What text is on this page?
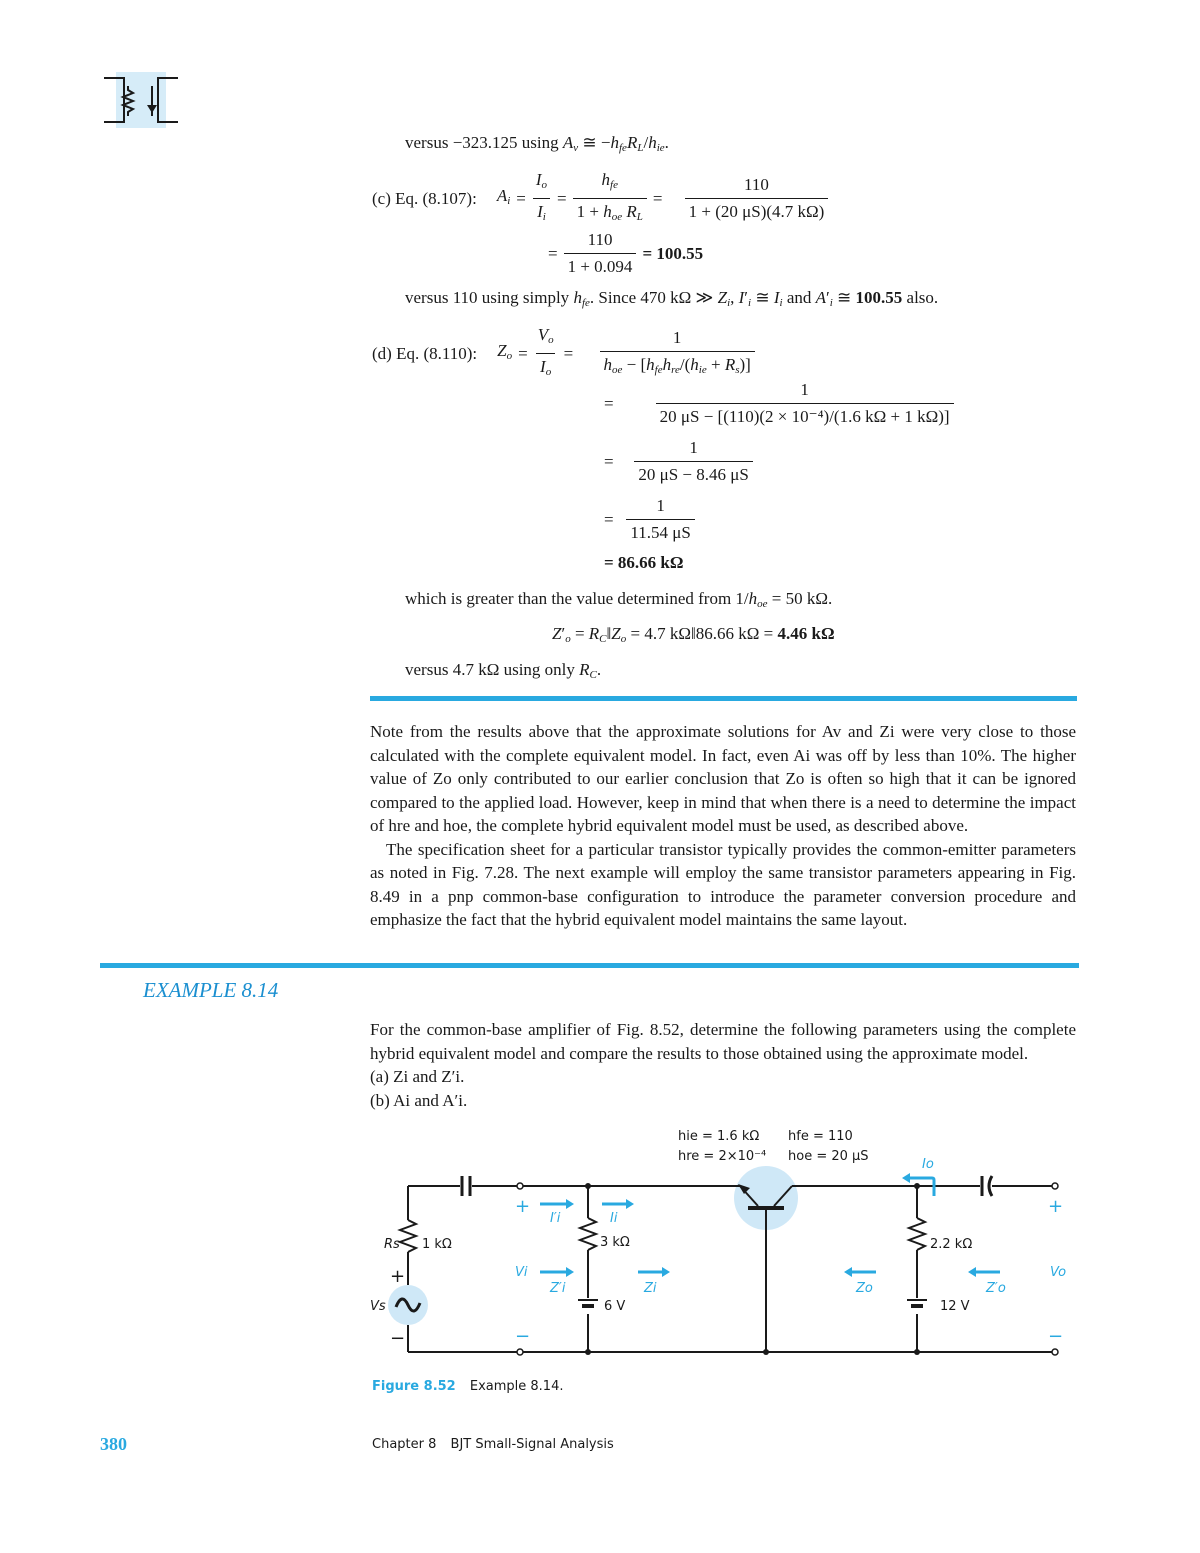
versus −323.125 using $A_v$ ≅ $-h_{fe}R_L/h_{ie}$.
(c) Eq. (8.107): $A_i = \frac{I_o}{I_i} = \frac{h_{fe}}{1 + h_{oe} R_L} = \frac{110}{1 + (20 \mu S)(4.7 k\Omega)}$
= $\frac{110}{1 + 0.094} = 100.55$
versus 110 using simply $h_{fe}$. Since 470 kΩ ≫ $Z_i$, $I'_i$ ≅ $I_i$ and $A'_i$ ≅ 100.55 also.
(d) Eq. (8.110): $Z_o = \frac{V_o}{I_o} = \frac{1}{h_{oe} - [h_{fe}h_{re}/(h_{ie} + R_s)]}$
= $\frac{1}{\text{20 μS − [(110)(2 × 10⁻⁴)/(1.6 kΩ + 1 kΩ)]}}$
= $\frac{1}{20 \mu S - 8.46 \mu S}$
= $\frac{1}{11.54 \mu S}$
= 86.66 kΩ
which is greater than the value determined from $1/h_{oe} = 50$ kΩ.
$Z'_o$ = $R_C‖Z_o = 4.7$ kΩ‖86.66 kΩ = 4.46 kΩ
versus 4.7 kΩ using only $R_C$.

Note from the results above that the approximate solutions for Av and Zi were very close to those calculated with the complete equivalent model. In fact, even Ai was off by less than 10%. The higher value of Zo only contributed to our earlier conclusion that Zo is often so high that it can be ignored compared to the applied load. However, keep in mind that when there is a need to determine the impact of hre and hoe, the complete hybrid equivalent model must be used, as described above.

The specification sheet for a particular transistor typically provides the common-emitter parameters as noted in Fig. 7.28. The next example will employ the same transistor parameters appearing in Fig. 8.49 in a pnp common-base configuration to introduce the parameter conversion procedure and emphasize the fact that the hybrid equivalent model maintains the same layout.

EXAMPLE 8.14

For the common-base amplifier of Fig. 8.52, determine the following parameters using the complete hybrid equivalent model and compare the results to those obtained using the approximate model.

(a) Zi and Z′i.

(b) Ai and A′i.

hie = 1.6 kΩ
hre = 2×10⁻⁴
hfe = 110
hoe = 20 μS
1 kΩ	3 kΩ	2.2 kΩ
6 V	12 V
Rs
Vs
+
−
+
−
Vi
+
−
Vo
I′i	Ii
Io
Z′i	Zi	Zo	Z′o
Figure 8.52 Example 8.14.
380	Chapter 8 BJT Small-Signal Analysis
